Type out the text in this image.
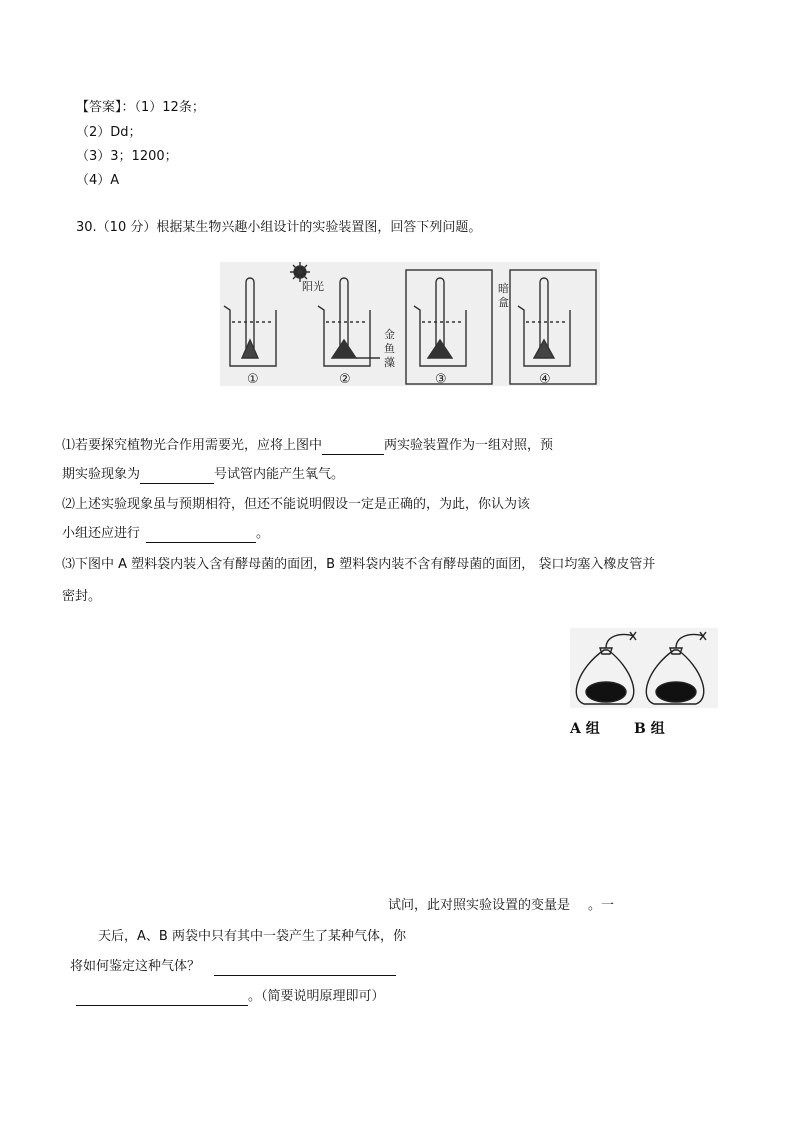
【答案】：（1）12条；
（2）Dd；
（3）3；1200；
（4）A
30.（10 分）根据某生物兴趣小组设计的实验装置图，回答下列问题。
阳光	暗
盒
金
鱼
藻
①	②	③	④
⑴若要探究植物光合作用需要光，应将上图中	两实验装置作为一组对照，预
期实验现象为	号试管内能产生氧气。
⑵上述实验现象虽与预期相符，但还不能说明假设一定是正确的，为此，你认为该
小组还应进行	。
⑶下图中 A 塑料袋内装入含有酵母菌的面团，B 塑料袋内装不含有酵母菌的面团， 袋口均塞入橡皮管并
密封。
A 组 B 组
试问，此对照实验设置的变量是 。一
天后，A、B 两袋中只有其中一袋产生了某种气体，你
将如何鉴定这种气体？
。（简要说明原理即可）
